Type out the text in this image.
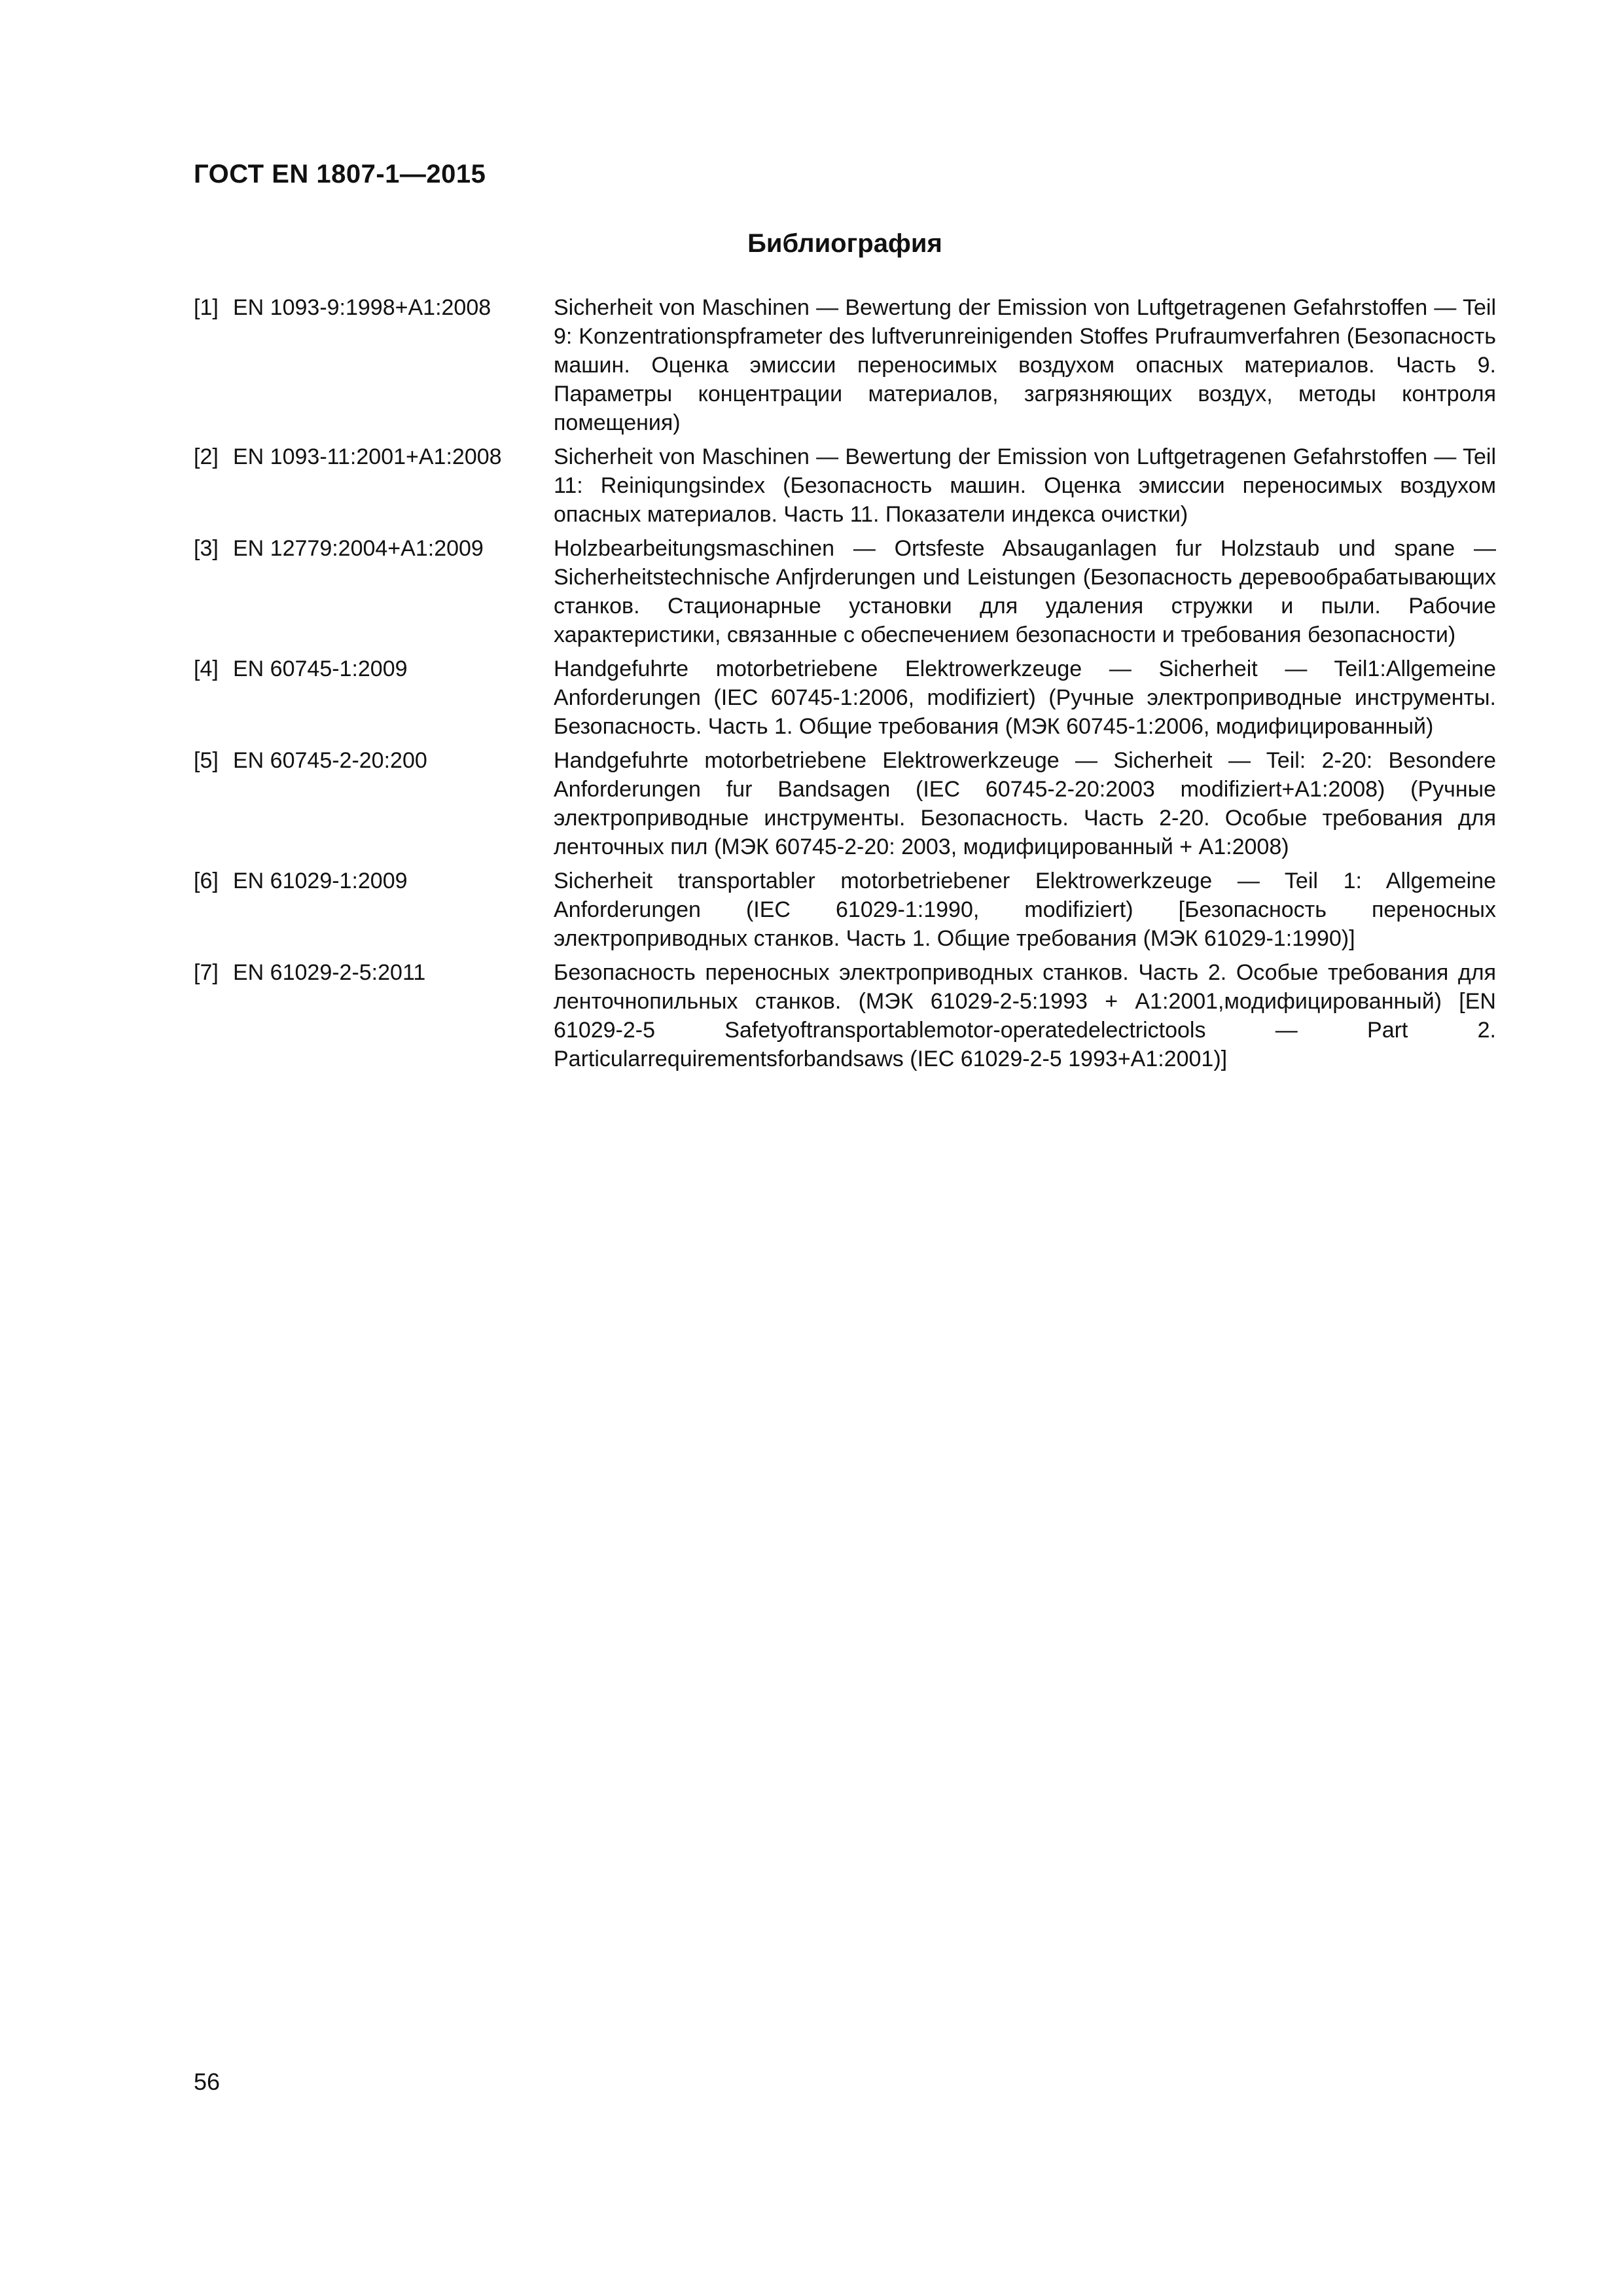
ГОСТ EN 1807-1—2015
Библиография
[1] EN 1093-9:1998+A1:2008	Sicherheit von Maschinen — Bewertung der Emission von Luftgetragenen Gefahrstoffen — Teil 9: Konzentrationspframeter des luftverunreinigenden Stoffes Prufraumverfahren (Безопасность машин. Оценка эмиссии переносимых воздухом опасных материалов. Часть 9. Параметры концентрации материалов, загрязняющих воздух, методы контроля помещения)
[2] EN 1093-11:2001+A1:2008	Sicherheit von Maschinen — Bewertung der Emission von Luftgetragenen Gefahrstoffen — Teil 11: Reiniqungsindex (Безопасность машин. Оценка эмиссии переносимых воздухом опасных материалов. Часть 11. Показатели индекса очистки)
[3] EN 12779:2004+A1:2009	Holzbearbeitungsmaschinen — Ortsfeste Absauganlagen fur Holzstaub und spane — Sicherheitstechnische Anfjrderungen und Leistungen (Безопасность деревообрабатывающих станков. Стационарные установки для удаления стружки и пыли. Рабочие характеристики, связанные с обеспечением безопасности и требования безопасности)
[4] EN 60745-1:2009	Handgefuhrte motorbetriebene Elektrowerkzeuge — Sicherheit — Teil1:Allgemeine Anforderungen (IEC 60745-1:2006, modifiziert) (Ручные электроприводные инструменты. Безопасность. Часть 1. Общие требования (МЭК 60745-1:2006, модифицированный)
[5] EN 60745-2-20:200	Handgefuhrte motorbetriebene Elektrowerkzeuge — Sicherheit — Teil: 2-20: Besondere Anforderungen fur Bandsagen (IEC 60745-2-20:2003 modifiziert+A1:2008) (Ручные электроприводные инструменты. Безопасность. Часть 2-20. Особые требования для ленточных пил (МЭК 60745-2-20: 2003, модифицированный + A1:2008)
[6] EN 61029-1:2009	Sicherheit transportabler motorbetriebener Elektrowerkzeuge — Teil 1: Allgemeine Anforderungen (IEC 61029-1:1990, modifiziert) [Безопасность переносных электроприводных станков. Часть 1. Общие требования (МЭК 61029-1:1990)]
[7] EN 61029-2-5:2011	Безопасность переносных электроприводных станков. Часть 2. Особые требования для ленточнопильных станков. (МЭК 61029-2-5:1993 + A1:2001,модифицированный) [EN 61029-2-5 Safetyoftransportablemotor-operatedelectrictools — Part 2. Particularrequirementsforbandsaws (IEC 61029-2-5 1993+A1:2001)]
56
